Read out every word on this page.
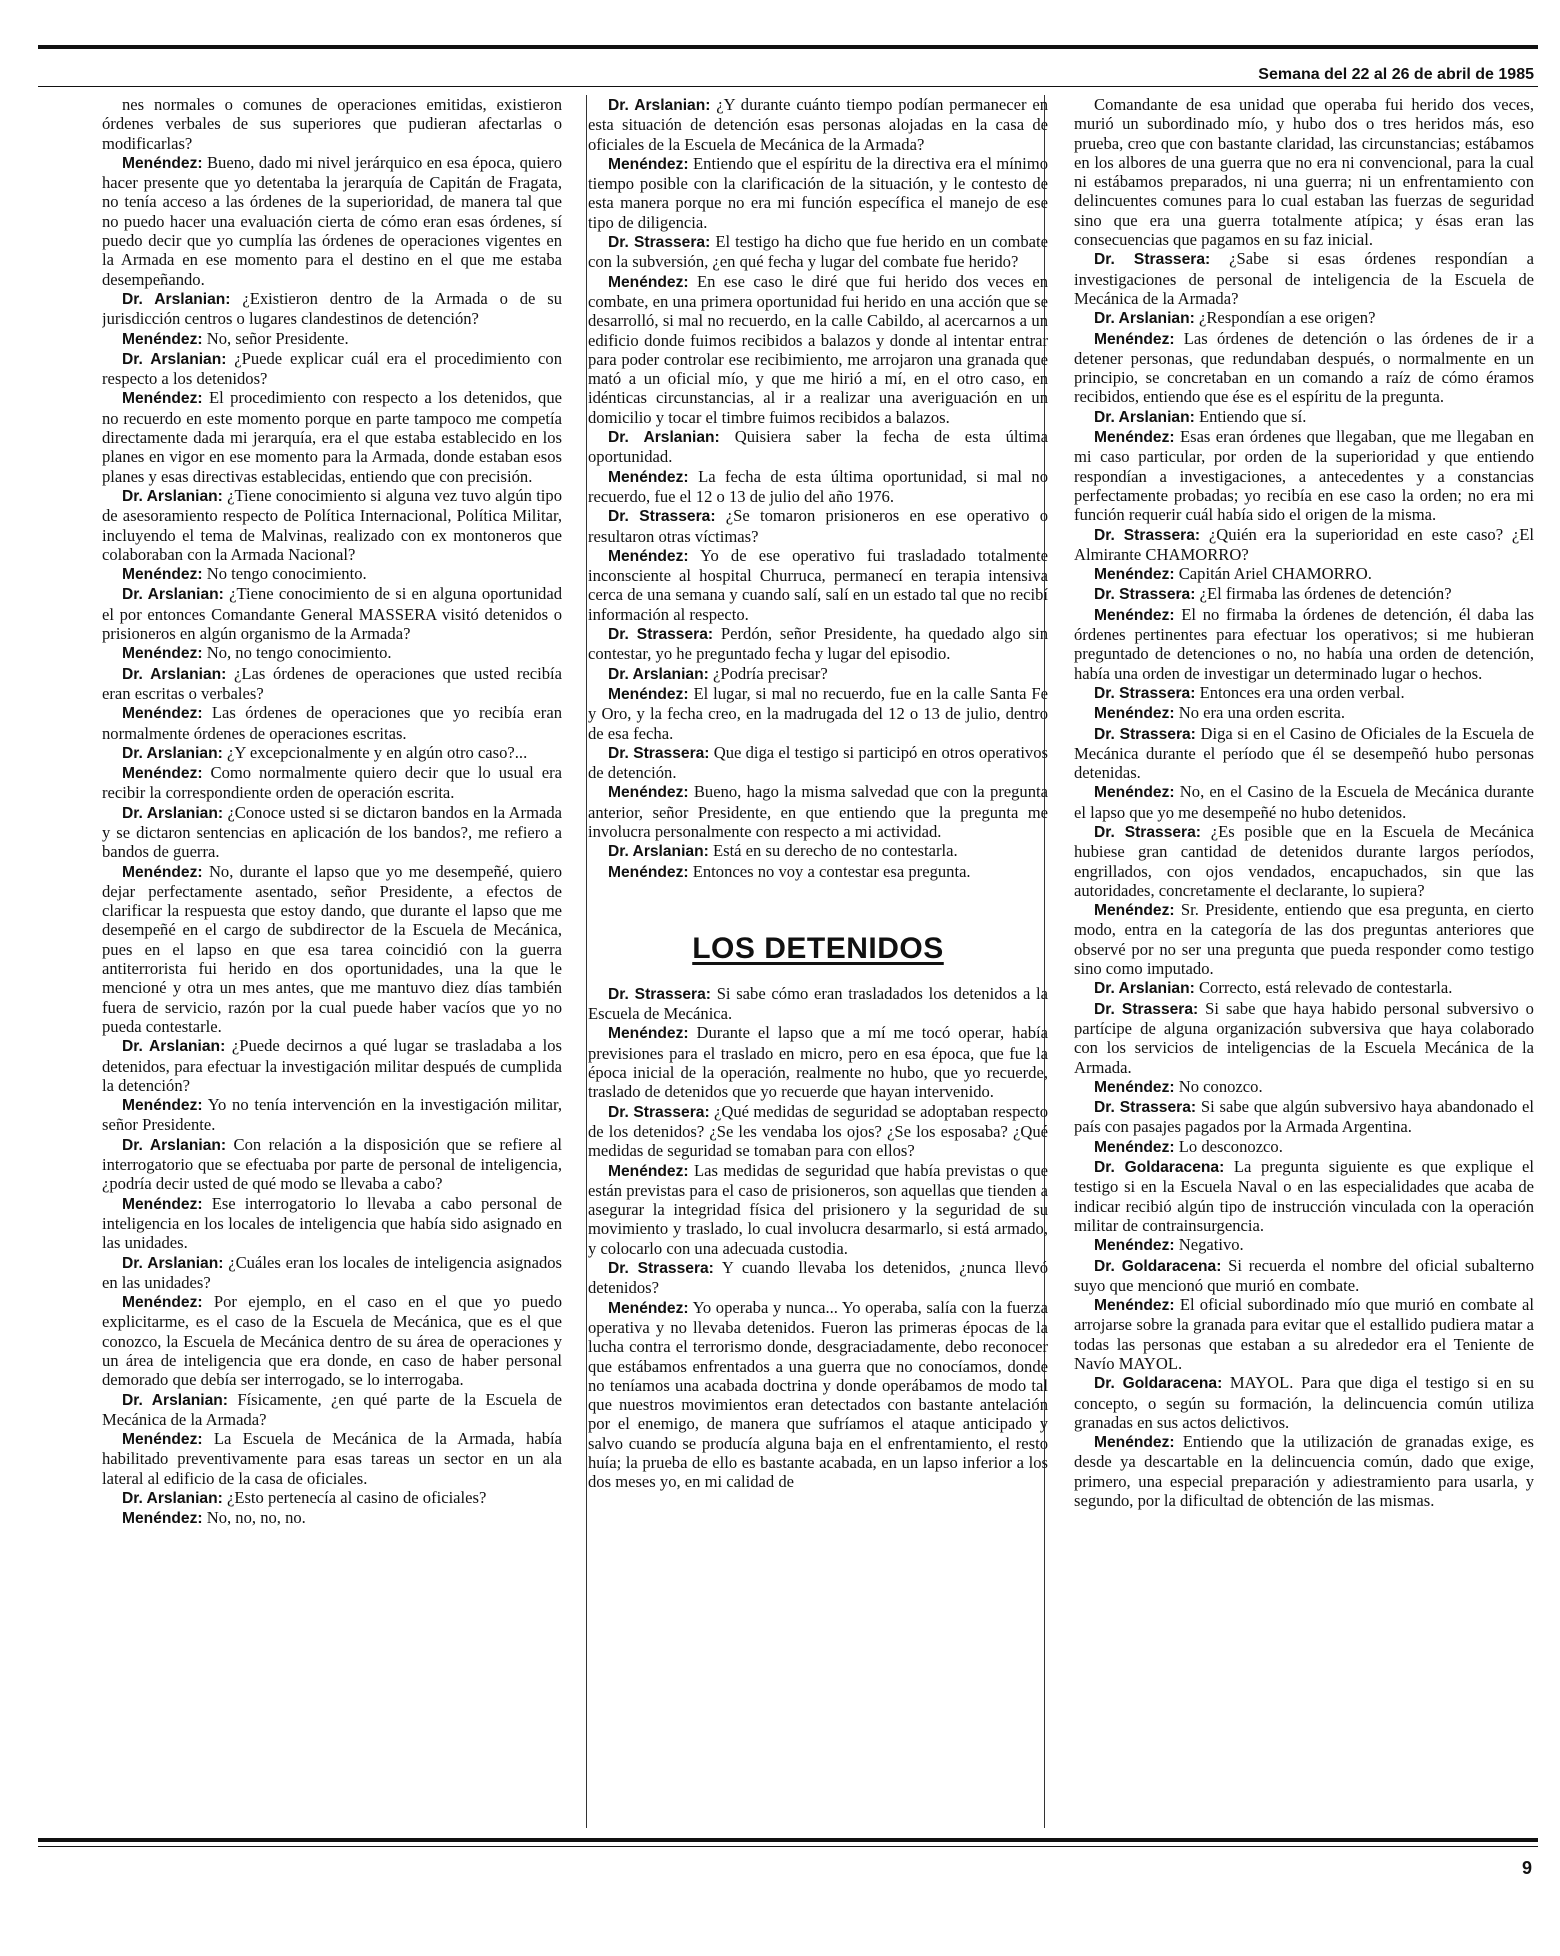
Semana del 22 al 26 de abril de 1985

nes normales o comunes de operaciones emitidas, existieron órdenes verbales de sus superiores que pudieran afectarlas o modificarlas?

Menéndez: Bueno, dado mi nivel jerárquico en esa época, quiero hacer presente que yo detentaba la jerarquía de Capitán de Fragata, no tenía acceso a las órdenes de la superioridad, de manera tal que no puedo hacer una evaluación cierta de cómo eran esas órdenes, sí puedo decir que yo cumplía las órdenes de operaciones vigentes en la Armada en ese momento para el destino en el que me estaba desempeñando.

Dr. Arslanian: ¿Existieron dentro de la Armada o de su jurisdicción centros o lugares clandestinos de detención?

Menéndez: No, señor Presidente.

Dr. Arslanian: ¿Puede explicar cuál era el procedimiento con respecto a los detenidos?

Menéndez: El procedimiento con respecto a los detenidos, que no recuerdo en este momento porque en parte tampoco me competía directamente dada mi jerarquía, era el que estaba establecido en los planes en vigor en ese momento para la Armada, donde estaban esos planes y esas directivas establecidas, entiendo que con precisión.

Dr. Arslanian: ¿Tiene conocimiento si alguna vez tuvo algún tipo de asesoramiento respecto de Política Internacional, Política Militar, incluyendo el tema de Malvinas, realizado con ex montoneros que colaboraban con la Armada Nacional?

Menéndez: No tengo conocimiento.

Dr. Arslanian: ¿Tiene conocimiento de si en alguna oportunidad el por entonces Comandante General MASSERA visitó detenidos o prisioneros en algún organismo de la Armada?

Menéndez: No, no tengo conocimiento.

Dr. Arslanian: ¿Las órdenes de operaciones que usted recibía eran escritas o verbales?

Menéndez: Las órdenes de operaciones que yo recibía eran normalmente órdenes de operaciones escritas.

Dr. Arslanian: ¿Y excepcionalmente y en algún otro caso?...

Menéndez: Como normalmente quiero decir que lo usual era recibir la correspondiente orden de operación escrita.

Dr. Arslanian: ¿Conoce usted si se dictaron bandos en la Armada y se dictaron sentencias en aplicación de los bandos?, me refiero a bandos de guerra.

Menéndez: No, durante el lapso que yo me desempeñé, quiero dejar perfectamente asentado, señor Presidente, a efectos de clarificar la respuesta que estoy dando, que durante el lapso que me desempeñé en el cargo de subdirector de la Escuela de Mecánica, pues en el lapso en que esa tarea coincidió con la guerra antiterrorista fui herido en dos oportunidades, una la que le mencioné y otra un mes antes, que me mantuvo diez días también fuera de servicio, razón por la cual puede haber vacíos que yo no pueda contestarle.

Dr. Arslanian: ¿Puede decirnos a qué lugar se trasladaba a los detenidos, para efectuar la investigación militar después de cumplida la detención?

Menéndez: Yo no tenía intervención en la investigación militar, señor Presidente.

Dr. Arslanian: Con relación a la disposición que se refiere al interrogatorio que se efectuaba por parte de personal de inteligencia, ¿podría decir usted de qué modo se llevaba a cabo?

Menéndez: Ese interrogatorio lo llevaba a cabo personal de inteligencia en los locales de inteligencia que había sido asignado en las unidades.

Dr. Arslanian: ¿Cuáles eran los locales de inteligencia asignados en las unidades?

Menéndez: Por ejemplo, en el caso en el que yo puedo explicitarme, es el caso de la Escuela de Mecánica, que es el que conozco, la Escuela de Mecánica dentro de su área de operaciones y un área de inteligencia que era donde, en caso de haber personal demorado que debía ser interrogado, se lo interrogaba.

Dr. Arslanian: Físicamente, ¿en qué parte de la Escuela de Mecánica de la Armada?

Menéndez: La Escuela de Mecánica de la Armada, había habilitado preventivamente para esas tareas un sector en un ala lateral al edificio de la casa de oficiales.

Dr. Arslanian: ¿Esto pertenecía al casino de oficiales?

Menéndez: No, no, no, no.

Dr. Arslanian: ¿Y durante cuánto tiempo podían permanecer en esta situación de detención esas personas alojadas en la casa de oficiales de la Escuela de Mecánica de la Armada?

Menéndez: Entiendo que el espíritu de la directiva era el mínimo tiempo posible con la clarificación de la situación, y le contesto de esta manera porque no era mi función específica el manejo de ese tipo de diligencia.

Dr. Strassera: El testigo ha dicho que fue herido en un combate con la subversión, ¿en qué fecha y lugar del combate fue herido?

Menéndez: En ese caso le diré que fui herido dos veces en combate, en una primera oportunidad fui herido en una acción que se desarrolló, si mal no recuerdo, en la calle Cabildo, al acercarnos a un edificio donde fuimos recibidos a balazos y donde al intentar entrar para poder controlar ese recibimiento, me arrojaron una granada que mató a un oficial mío, y que me hirió a mí, en el otro caso, en idénticas circunstancias, al ir a realizar una averiguación en un domicilio y tocar el timbre fuimos recibidos a balazos.

Dr. Arslanian: Quisiera saber la fecha de esta última oportunidad.

Menéndez: La fecha de esta última oportunidad, si mal no recuerdo, fue el 12 o 13 de julio del año 1976.

Dr. Strassera: ¿Se tomaron prisioneros en ese operativo o resultaron otras víctimas?

Menéndez: Yo de ese operativo fui trasladado totalmente inconsciente al hospital Churruca, permanecí en terapia intensiva cerca de una semana y cuando salí, salí en un estado tal que no recibí información al respecto.

Dr. Strassera: Perdón, señor Presidente, ha quedado algo sin contestar, yo he preguntado fecha y lugar del episodio.

Dr. Arslanian: ¿Podría precisar?

Menéndez: El lugar, si mal no recuerdo, fue en la calle Santa Fe y Oro, y la fecha creo, en la madrugada del 12 o 13 de julio, dentro de esa fecha.

Dr. Strassera: Que diga el testigo si participó en otros operativos de detención.

Menéndez: Bueno, hago la misma salvedad que con la pregunta anterior, señor Presidente, en que entiendo que la pregunta me involucra personalmente con respecto a mi actividad.

Dr. Arslanian: Está en su derecho de no contestarla.

Menéndez: Entonces no voy a contestar esa pregunta.

LOS DETENIDOS

Dr. Strassera: Si sabe cómo eran trasladados los detenidos a la Escuela de Mecánica.

Menéndez: Durante el lapso que a mí me tocó operar, había previsiones para el traslado en micro, pero en esa época, que fue la época inicial de la operación, realmente no hubo, que yo recuerde, traslado de detenidos que yo recuerde que hayan intervenido.

Dr. Strassera: ¿Qué medidas de seguridad se adoptaban respecto de los detenidos? ¿Se les vendaba los ojos? ¿Se los esposaba? ¿Qué medidas de seguridad se tomaban para con ellos?

Menéndez: Las medidas de seguridad que había previstas o que están previstas para el caso de prisioneros, son aquellas que tienden a asegurar la integridad física del prisionero y la seguridad de su movimiento y traslado, lo cual involucra desarmarlo, si está armado, y colocarlo con una adecuada custodia.

Dr. Strassera: Y cuando llevaba los detenidos, ¿nunca llevó detenidos?

Menéndez: Yo operaba y nunca... Yo operaba, salía con la fuerza operativa y no llevaba detenidos. Fueron las primeras épocas de la lucha contra el terrorismo donde, desgraciadamente, debo reconocer que estábamos enfrentados a una guerra que no conocíamos, donde no teníamos una acabada doctrina y donde operábamos de modo tal que nuestros movimientos eran detectados con bastante antelación por el enemigo, de manera que sufríamos el ataque anticipado y salvo cuando se producía alguna baja en el enfrentamiento, el resto huía; la prueba de ello es bastante acabada, en un lapso inferior a los dos meses yo, en mi calidad de

Comandante de esa unidad que operaba fui herido dos veces, murió un subordinado mío, y hubo dos o tres heridos más, eso prueba, creo que con bastante claridad, las circunstancias; estábamos en los albores de una guerra que no era ni convencional, para la cual ni estábamos preparados, ni una guerra; ni un enfrentamiento con delincuentes comunes para lo cual estaban las fuerzas de seguridad sino que era una guerra totalmente atípica; y ésas eran las consecuencias que pagamos en su faz inicial.

Dr. Strassera: ¿Sabe si esas órdenes respondían a investigaciones de personal de inteligencia de la Escuela de Mecánica de la Armada?

Dr. Arslanian: ¿Respondían a ese origen?

Menéndez: Las órdenes de detención o las órdenes de ir a detener personas, que redundaban después, o normalmente en un principio, se concretaban en un comando a raíz de cómo éramos recibidos, entiendo que ése es el espíritu de la pregunta.

Dr. Arslanian: Entiendo que sí.

Menéndez: Esas eran órdenes que llegaban, que me llegaban en mi caso particular, por orden de la superioridad y que entiendo respondían a investigaciones, a antecedentes y a constancias perfectamente probadas; yo recibía en ese caso la orden; no era mi función requerir cuál había sido el origen de la misma.

Dr. Strassera: ¿Quién era la superioridad en este caso? ¿El Almirante CHAMORRO?

Menéndez: Capitán Ariel CHAMORRO.

Dr. Strassera: ¿El firmaba las órdenes de detención?

Menéndez: El no firmaba la órdenes de detención, él daba las órdenes pertinentes para efectuar los operativos; si me hubieran preguntado de detenciones o no, no había una orden de detención, había una orden de investigar un determinado lugar o hechos.

Dr. Strassera: Entonces era una orden verbal.

Menéndez: No era una orden escrita.

Dr. Strassera: Diga si en el Casino de Oficiales de la Escuela de Mecánica durante el período que él se desempeñó hubo personas detenidas.

Menéndez: No, en el Casino de la Escuela de Mecánica durante el lapso que yo me desempeñé no hubo detenidos.

Dr. Strassera: ¿Es posible que en la Escuela de Mecánica hubiese gran cantidad de detenidos durante largos períodos, engrillados, con ojos vendados, encapuchados, sin que las autoridades, concretamente el declarante, lo supiera?

Menéndez: Sr. Presidente, entiendo que esa pregunta, en cierto modo, entra en la categoría de las dos preguntas anteriores que observé por no ser una pregunta que pueda responder como testigo sino como imputado.

Dr. Arslanian: Correcto, está relevado de contestarla.

Dr. Strassera: Si sabe que haya habido personal subversivo o partícipe de alguna organización subversiva que haya colaborado con los servicios de inteligencias de la Escuela Mecánica de la Armada.

Menéndez: No conozco.

Dr. Strassera: Si sabe que algún subversivo haya abandonado el país con pasajes pagados por la Armada Argentina.

Menéndez: Lo desconozco.

Dr. Goldaracena: La pregunta siguiente es que explique el testigo si en la Escuela Naval o en las especialidades que acaba de indicar recibió algún tipo de instrucción vinculada con la operación militar de contrainsurgencia.

Menéndez: Negativo.

Dr. Goldaracena: Si recuerda el nombre del oficial subalterno suyo que mencionó que murió en combate.

Menéndez: El oficial subordinado mío que murió en combate al arrojarse sobre la granada para evitar que el estallido pudiera matar a todas las personas que estaban a su alrededor era el Teniente de Navío MAYOL.

Dr. Goldaracena: MAYOL. Para que diga el testigo si en su concepto, o según su formación, la delincuencia común utiliza granadas en sus actos delictivos.

Menéndez: Entiendo que la utilización de granadas exige, es desde ya descartable en la delincuencia común, dado que exige, primero, una especial preparación y adiestramiento para usarla, y segundo, por la dificultad de obtención de las mismas.

9
